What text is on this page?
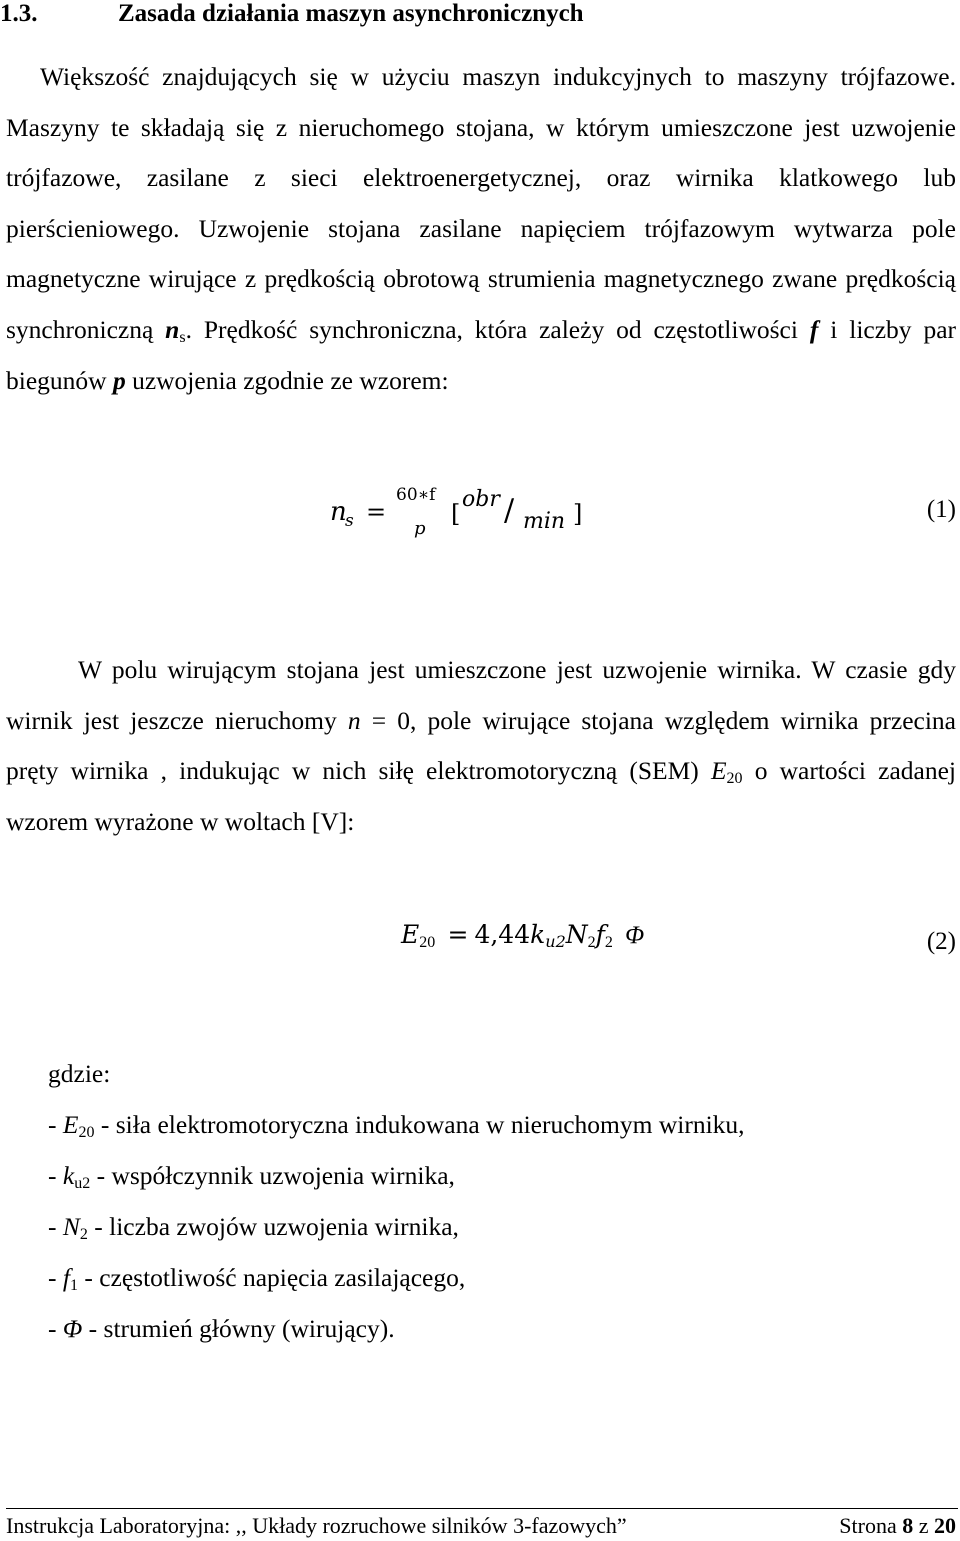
1.3.	Zasada działania maszyn asynchronicznych
Większość znajdujących się w użyciu maszyn indukcyjnych to maszyny trójfazowe. Maszyny te składają się z nieruchomego stojana, w którym umieszczone jest uzwojenie trójfazowe, zasilane z sieci elektroenergetycznej, oraz wirnika klatkowego lub pierścieniowego. Uzwojenie stojana zasilane napięciem trójfazowym wytwarza pole magnetyczne wirujące z prędkością obrotową strumienia magnetycznego zwane prędkością synchroniczną $n_s$. Prędkość synchroniczna, która zależy od częstotliwości f i liczby par biegunów p uzwojenia zgodnie ze wzorem:
n
s =
60∗f
p
[
obr / min ]	(1)
W polu wirującym stojana jest umieszczone jest uzwojenie wirnika. W czasie gdy wirnik jest jeszcze nieruchomy n = 0, pole wirujące stojana względem wirnika przecina pręty wirnika , indukując w nich siłę elektromotoryczną (SEM) $E_{20}$ o wartości zadanej wzorem wyrażone w woltach [V]:
$E_{20} = 4,44k_{u2}N_2f_2$ Φ	(2)
gdzie:
- $E_{20}$ - siła elektromotoryczna indukowana w nieruchomym wirniku,
- $k_{u2}$ - współczynnik uzwojenia wirnika,
- $N_2$ - liczba zwojów uzwojenia wirnika,
- $f_1$ - częstotliwość napięcia zasilającego,
- Φ - strumień główny (wirujący).
Instrukcja Laboratoryjna: ,, Układy rozruchowe silników 3-fazowych”	Strona 8 z 20
